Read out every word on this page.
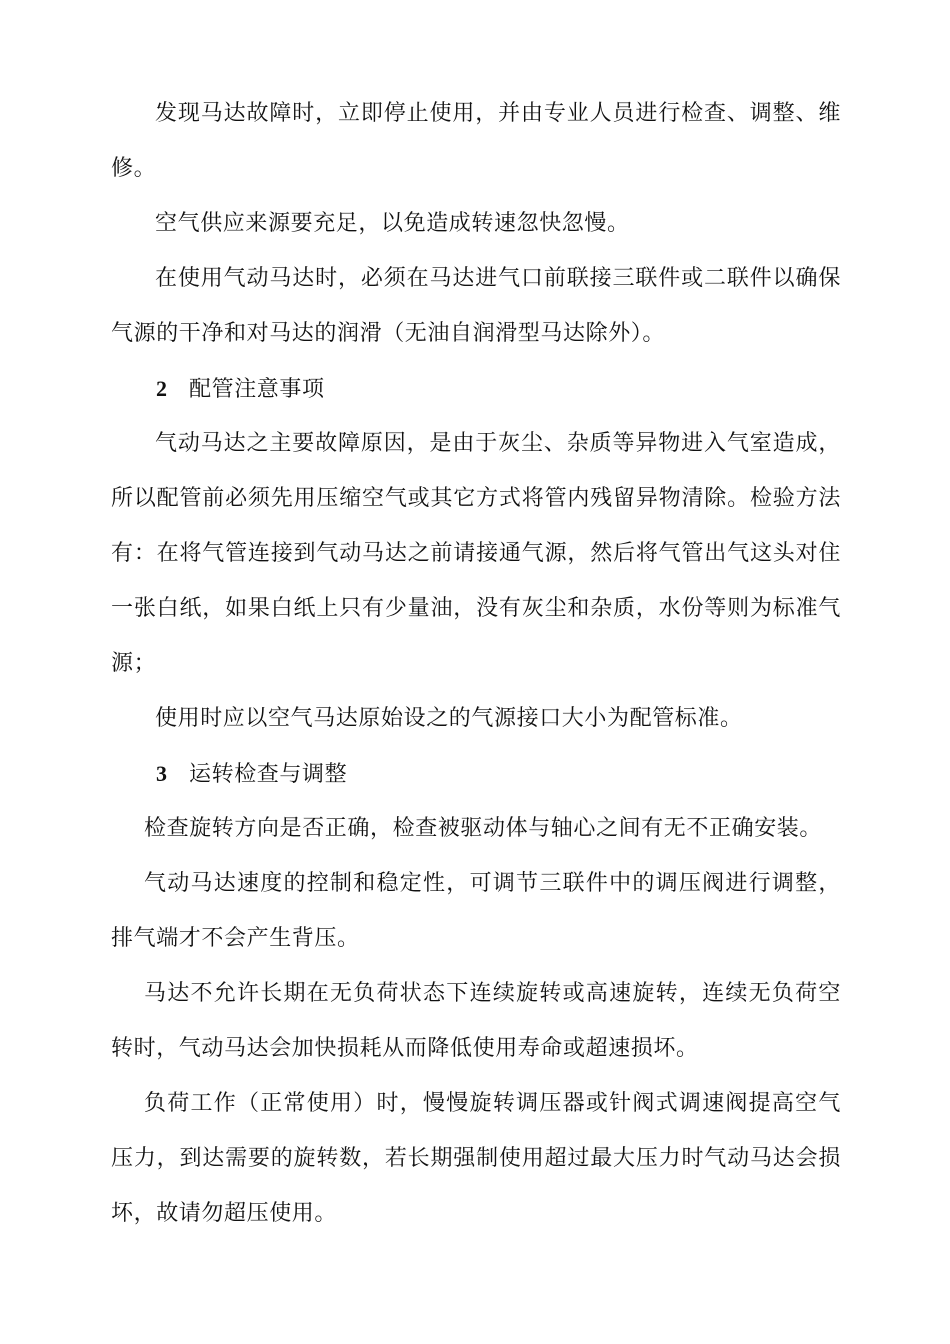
发现马达故障时，立即停止使用，并由专业人员进行检查、调整、维修。

空气供应来源要充足，以免造成转速忽快忽慢。

在使用气动马达时，必须在马达进气口前联接三联件或二联件以确保气源的干净和对马达的润滑（无油自润滑型马达除外）。

2 配管注意事项

气动马达之主要故障原因，是由于灰尘、杂质等异物进入气室造成，所以配管前必须先用压缩空气或其它方式将管内残留异物清除。检验方法有：在将气管连接到气动马达之前请接通气源，然后将气管出气这头对住一张白纸，如果白纸上只有少量油，没有灰尘和杂质，水份等则为标准气源；

使用时应以空气马达原始设之的气源接口大小为配管标准。

3 运转检查与调整

检查旋转方向是否正确，检查被驱动体与轴心之间有无不正确安装。

气动马达速度的控制和稳定性，可调节三联件中的调压阀进行调整，排气端才不会产生背压。

马达不允许长期在无负荷状态下连续旋转或高速旋转，连续无负荷空转时，气动马达会加快损耗从而降低使用寿命或超速损坏。

负荷工作（正常使用）时，慢慢旋转调压器或针阀式调速阀提高空气压力，到达需要的旋转数，若长期强制使用超过最大压力时气动马达会损坏，故请勿超压使用。
